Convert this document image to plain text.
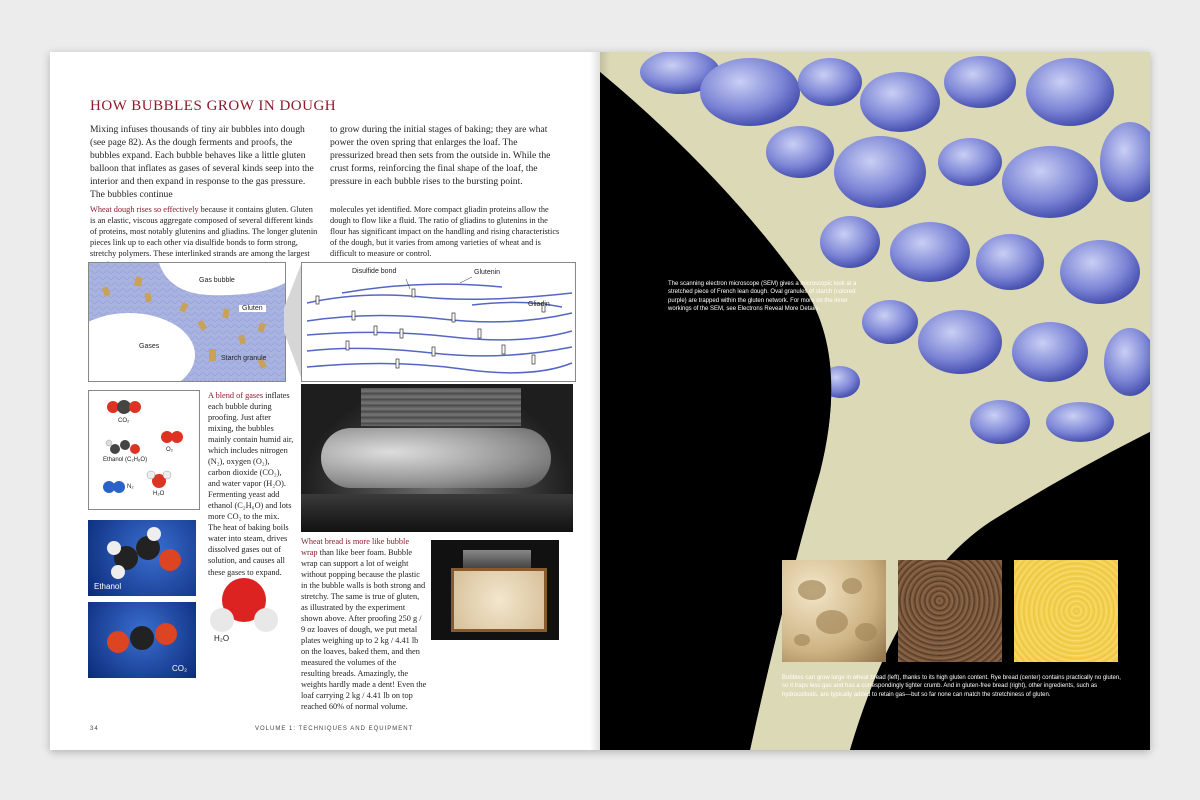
HOW BUBBLES GROW IN DOUGH
Mixing infuses thousands of tiny air bubbles into dough (see page 82). As the dough ferments and proofs, the bubbles expand. Each bubble behaves like a little gluten balloon that inflates as gases of several kinds seep into the interior and then expand in response to the gas pressure. The bubbles continue
to grow during the initial stages of baking; they are what power the oven spring that enlarges the loaf. The pressurized bread then sets from the outside in. While the crust forms, reinforcing the final shape of the loaf, the pressure in each bubble rises to the bursting point.
Wheat dough rises so effectively because it contains gluten. Gluten is an elastic, viscous aggregate composed of several different kinds of proteins, most notably glutenins and gliadins. The longer glutenin pieces link up to each other via disulfide bonds to form strong, stretchy polymers. These interlinked strands are among the largest
molecules yet identified. More compact gliadin proteins allow the dough to flow like a fluid. The ratio of gliadins to glutenins in the flour has significant impact on the handling and rising characteristics of the dough, but it varies from among varieties of wheat and is difficult to measure or control.
Gas bubble
Gluten
Gases
Starch granule
Disulfide bond	Glutenin
Gliadin
CO₂
O₂
Ethanol (C₂H₆O)
N₂
H₂O
A blend of gases inflates each bubble during proofing. Just after mixing, the bubbles mainly contain humid air, which includes nitrogen (N₂), oxygen (O₂), carbon dioxide (CO₂), and water vapor (H₂O). Fermenting yeast add ethanol (C₂H₆O) and lots more CO₂ to the mix. The heat of baking boils water into steam, drives dissolved gases out of solution, and causes all these gases to expand.
Ethanol
CO₂
H₂O
Wheat bread is more like bubble wrap than like beer foam. Bubble wrap can support a lot of weight without popping because the plastic in the bubble walls is both strong and stretchy. The same is true of gluten, as illustrated by the experiment shown above. After proofing 250 g / 9 oz loaves of dough, we put metal plates weighing up to 2 kg / 4.41 lb on the loaves, baked them, and then measured the volumes of the resulting breads. Amazingly, the weights hardly made a dent! Even the loaf carrying 2 kg / 4.41 lb on top reached 60% of normal volume.
34	VOLUME 1: TECHNIQUES AND EQUIPMENT
The scanning electron microscope (SEM) gives a microscopic look at a stretched piece of French lean dough. Oval granules of starch (colored purple) are trapped within the gluten network. For more on the inner workings of the SEM, see Electrons Reveal More Details.
Bubbles can grow large in wheat bread (left), thanks to its high gluten content. Rye bread (center) contains practically no gluten, so it traps less gas and has a correspondingly tighter crumb. And in gluten-free bread (right), other ingredients, such as hydrocolloids, are typically added to retain gas—but so far none can match the stretchiness of gluten.
